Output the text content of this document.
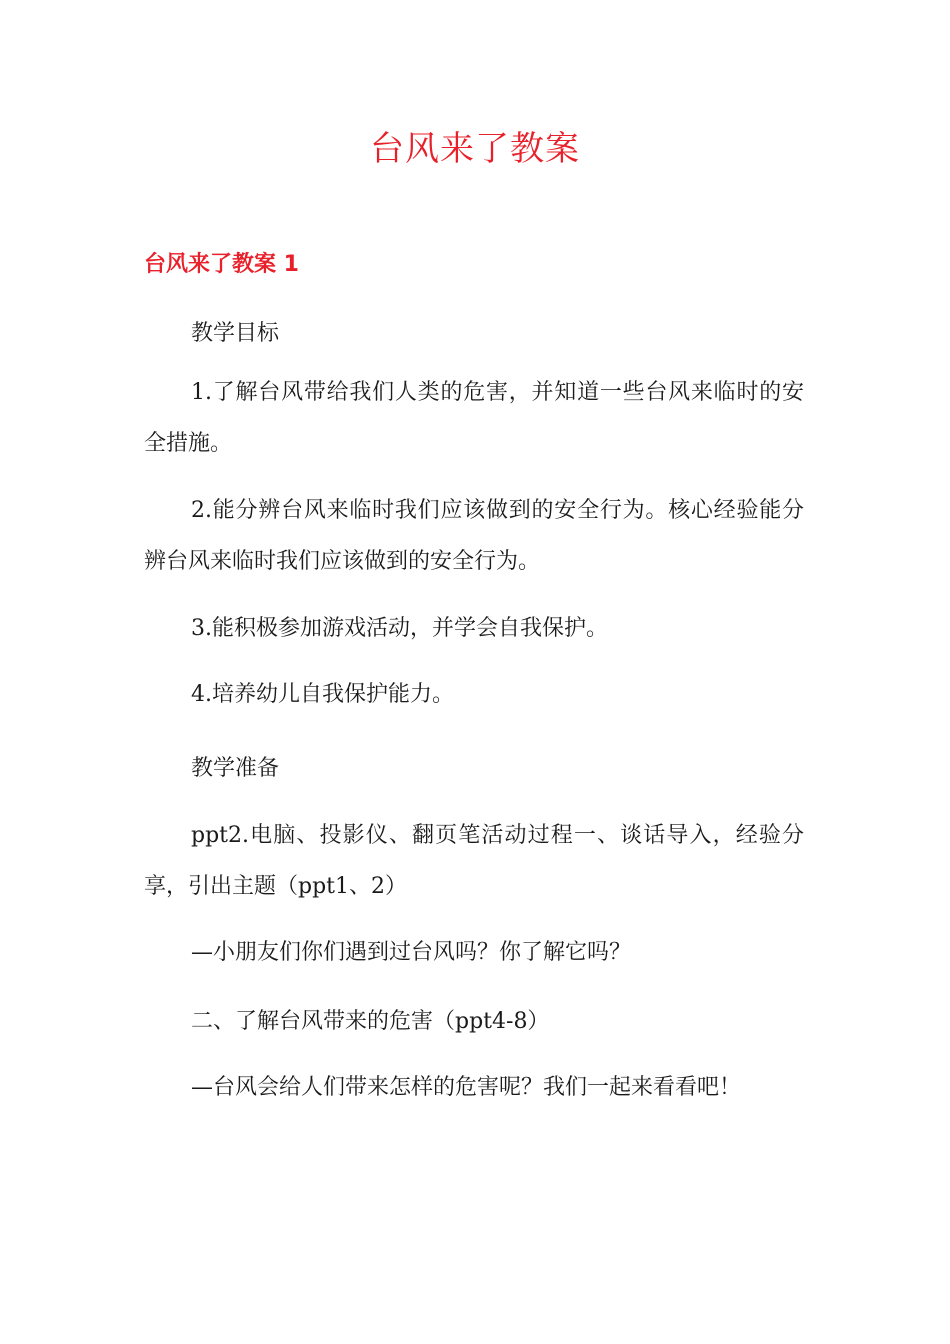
台风来了教案
台风来了教案 1

教学目标

1.了解台风带给我们人类的危害，并知道一些台风来临时的安全措施。

2.能分辨台风来临时我们应该做到的安全行为。核心经验能分辨台风来临时我们应该做到的安全行为。

3.能积极参加游戏活动，并学会自我保护。

4.培养幼儿自我保护能力。

教学准备

ppt2.电脑、投影仪、翻页笔活动过程一、谈话导入，经验分享，引出主题（ppt1、2）

—小朋友们你们遇到过台风吗？你了解它吗？

二、了解台风带来的危害（ppt4-8）

—台风会给人们带来怎样的危害呢？我们一起来看看吧！
